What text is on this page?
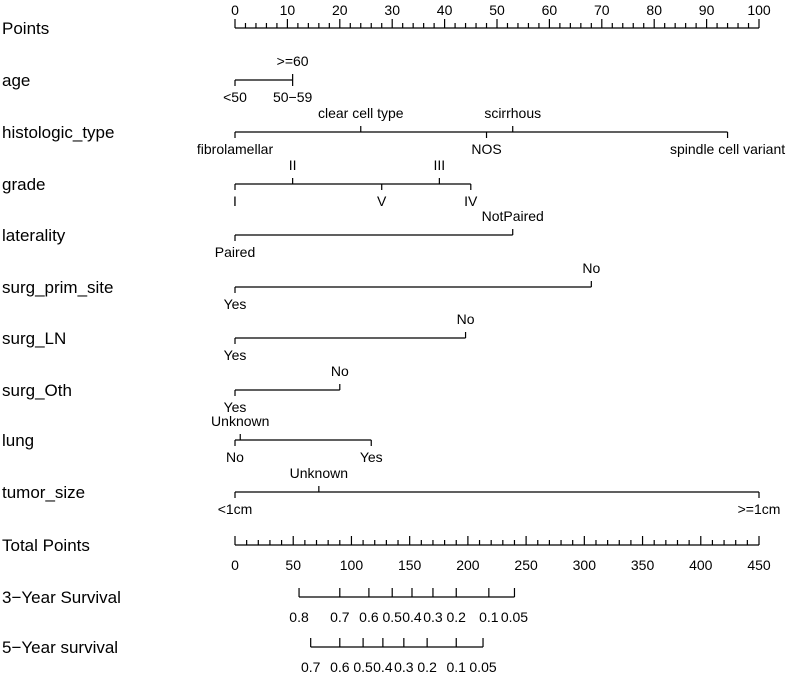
Points
age
histologic_type
grade
laterality
surg_prim_site
surg_LN
surg_Oth
lung
tumor_size
Total Points
3−Year Survival
5−Year survival
0	10	20	30	40	50	60	70	80	90 100
<50
>=60
50−59
fibrolamellar
clear cell type
NOS
scirrhous
spindle cell variant
I
II
V
III
IV
Paired
NotPaired
Yes
No
Yes
No
Yes
No
No
Unknown
Yes
<1cm
Unknown
>=1cm
0	50	100 150 200 250 300 350 400 450
0.8 0.7 0.6 0.5 0.4 0.3 0.2 0.1 0.05
0.7 0.6 0.5 0.4 0.3 0.2 0.1 0.05
